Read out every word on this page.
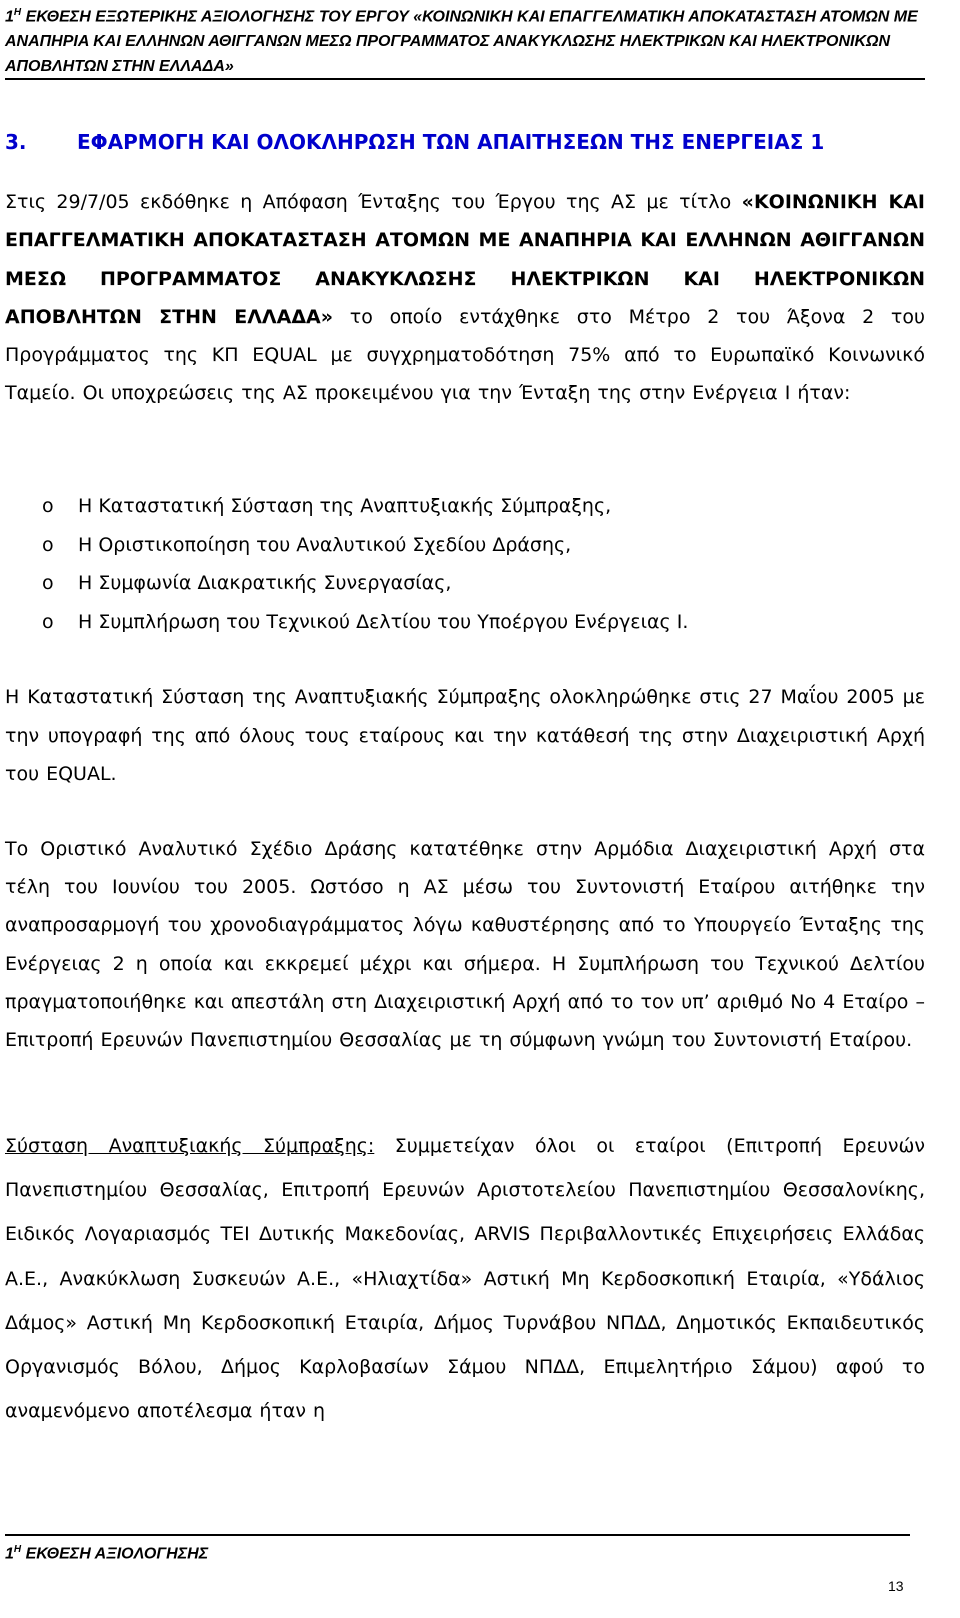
$1^H$ ΕΚΘΕΣΗ ΕΞΩΤΕΡΙΚΗΣ ΑΞΙΟΛΟΓΗΣΗΣ ΤΟΥ ΕΡΓΟΥ «ΚΟΙΝΩΝΙΚΗ ΚΑΙ ΕΠΑΓΓΕΛΜΑΤΙΚΗ ΑΠΟΚΑΤΑΣΤΑΣΗ ΑΤΟΜΩΝ ΜΕ ΑΝΑΠΗΡΙΑ ΚΑΙ ΕΛΛΗΝΩΝ ΑΘΙΓΓΑΝΩΝ ΜΕΣΩ ΠΡΟΓΡΑΜΜΑΤΟΣ ΑΝΑΚΥΚΛΩΣΗΣ ΗΛΕΚΤΡΙΚΩΝ ΚΑΙ ΗΛΕΚΤΡΟΝΙΚΩΝ ΑΠΟΒΛΗΤΩΝ ΣΤΗΝ ΕΛΛΑΔΑ»
3.	ΕΦΑΡΜΟΓΗ ΚΑΙ ΟΛΟΚΛΗΡΩΣΗ ΤΩΝ ΑΠΑΙΤΗΣΕΩΝ ΤΗΣ ΕΝΕΡΓΕΙΑΣ 1

Στις 29/7/05 εκδόθηκε η Απόφαση Ένταξης του Έργου της ΑΣ με τίτλο «ΚΟΙΝΩΝΙΚΗ ΚΑΙ ΕΠΑΓΓΕΛΜΑΤΙΚΗ ΑΠΟΚΑΤΑΣΤΑΣΗ ΑΤΟΜΩΝ ΜΕ ΑΝΑΠΗΡΙΑ ΚΑΙ ΕΛΛΗΝΩΝ ΑΘΙΓΓΑΝΩΝ ΜΕΣΩ ΠΡΟΓΡΑΜΜΑΤΟΣ ΑΝΑΚΥΚΛΩΣΗΣ ΗΛΕΚΤΡΙΚΩΝ ΚΑΙ ΗΛΕΚΤΡΟΝΙΚΩΝ ΑΠΟΒΛΗΤΩΝ ΣΤΗΝ ΕΛΛΑΔΑ» το οποίο εντάχθηκε στο Μέτρο 2 του Άξονα 2 του Προγράμματος της ΚΠ EQUAL με συγχρηματοδότηση 75% από το Ευρωπαϊκό Κοινωνικό Ταμείο. Οι υποχρεώσεις της ΑΣ προκειμένου για την Ένταξη της στην Ενέργεια Ι ήταν:

o Η Καταστατική Σύσταση της Αναπτυξιακής Σύμπραξης,
o Η Οριστικοποίηση του Αναλυτικού Σχεδίου Δράσης,
o Η Συμφωνία Διακρατικής Συνεργασίας,
o Η Συμπλήρωση του Τεχνικού Δελτίου του Υποέργου Ενέργειας Ι.

Η Καταστατική Σύσταση της Αναπτυξιακής Σύμπραξης ολοκληρώθηκε στις 27 Μαΐου 2005 με την υπογραφή της από όλους τους εταίρους και την κατάθεσή της στην Διαχειριστική Αρχή του EQUAL.

Το Οριστικό Αναλυτικό Σχέδιο Δράσης κατατέθηκε στην Αρμόδια Διαχειριστική Αρχή στα τέλη του Ιουνίου του 2005. Ωστόσο η ΑΣ μέσω του Συντονιστή Εταίρου αιτήθηκε την αναπροσαρμογή του χρονοδιαγράμματος λόγω καθυστέρησης από το Υπουργείο Ένταξης της Ενέργειας 2 η οποία και εκκρεμεί μέχρι και σήμερα. Η Συμπλήρωση του Τεχνικού Δελτίου πραγματοποιήθηκε και απεστάλη στη Διαχειριστική Αρχή από το τον υπ’ αριθμό Νο 4 Εταίρο – Επιτροπή Ερευνών Πανεπιστημίου Θεσσαλίας με τη σύμφωνη γνώμη του Συντονιστή Εταίρου.

Σύσταση Αναπτυξιακής Σύμπραξης: Συμμετείχαν όλοι οι εταίροι (Επιτροπή Ερευνών Πανεπιστημίου Θεσσαλίας, Επιτροπή Ερευνών Αριστοτελείου Πανεπιστημίου Θεσσαλονίκης, Ειδικός Λογαριασμός ΤΕΙ Δυτικής Μακεδονίας, ARVIS Περιβαλλοντικές Επιχειρήσεις Ελλάδας Α.Ε., Ανακύκλωση Συσκευών Α.Ε., «Ηλιαχτίδα» Αστική Μη Κερδοσκοπική Εταιρία, «Υδάλιος Δάμος» Αστική Μη Κερδοσκοπική Εταιρία, Δήμος Τυρνάβου ΝΠΔΔ, Δημοτικός Εκπαιδευτικός Οργανισμός Βόλου, Δήμος Καρλοβασίων Σάμου ΝΠΔΔ, Επιμελητήριο Σάμου) αφού το αναμενόμενο αποτέλεσμα ήταν η

$1^H$ ΕΚΘΕΣΗ ΑΞΙΟΛΟΓΗΣΗΣ
13
